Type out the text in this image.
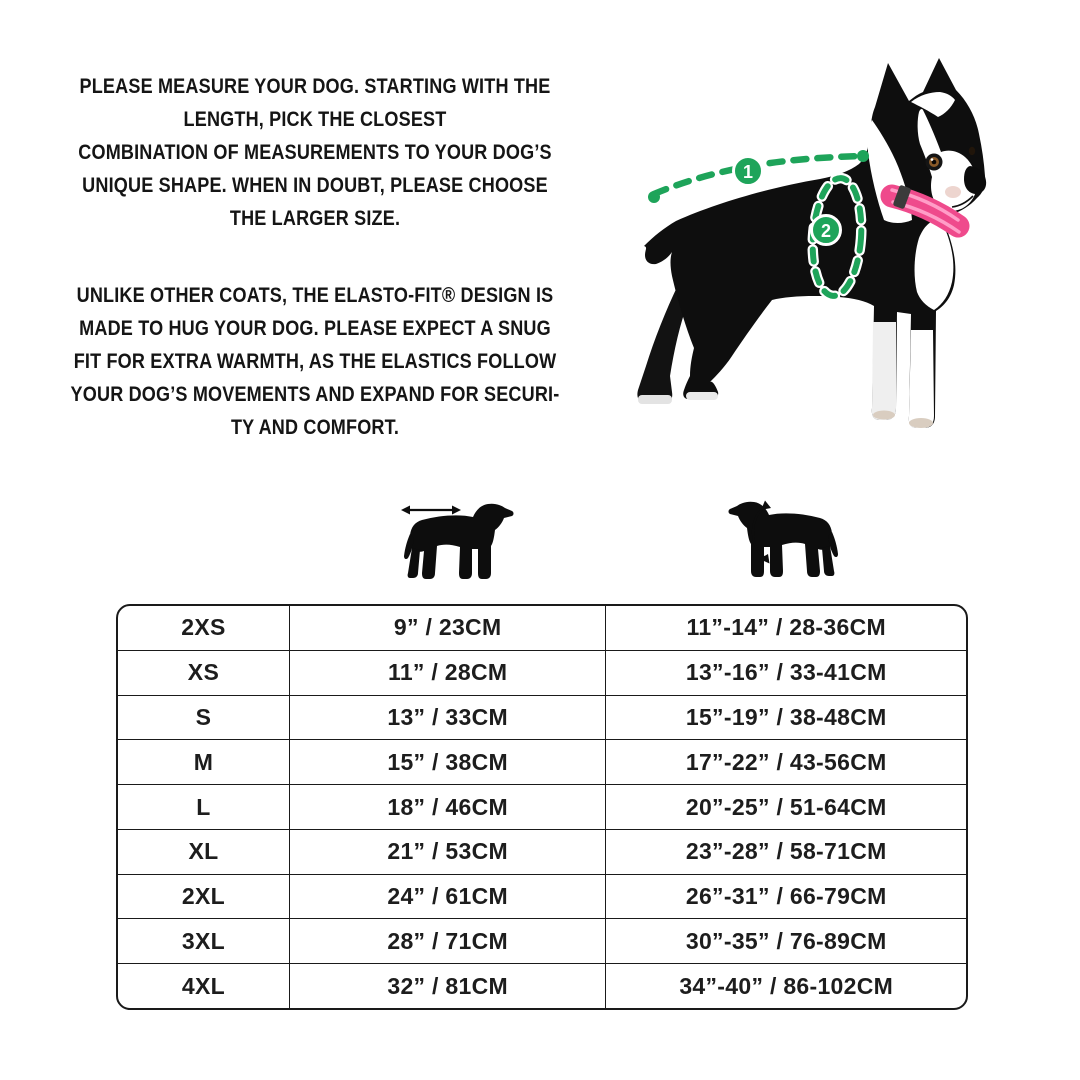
PLEASE MEASURE YOUR DOG. STARTING WITH THE
LENGTH, PICK THE CLOSEST
COMBINATION OF MEASUREMENTS TO YOUR DOG’S
UNIQUE SHAPE. WHEN IN DOUBT, PLEASE CHOOSE
THE LARGER SIZE.
UNLIKE OTHER COATS, THE ELASTO-FIT® DESIGN IS
MADE TO HUG YOUR DOG. PLEASE EXPECT A SNUG
FIT FOR EXTRA WARMTH, AS THE ELASTICS FOLLOW
YOUR DOG’S MOVEMENTS AND EXPAND FOR SECURI-
TY AND COMFORT.
1
2
2XS	9” / 23CM	11”-14” / 28-36CM
XS	11” / 28CM	13”-16” / 33-41CM
S	13” / 33CM	15”-19” / 38-48CM
M	15” / 38CM	17”-22” / 43-56CM
L	18” / 46CM	20”-25” / 51-64CM
XL	21” / 53CM	23”-28” / 58-71CM
2XL	24” / 61CM	26”-31” / 66-79CM
3XL	28” / 71CM	30”-35” / 76-89CM
4XL	32” / 81CM	34”-40” / 86-102CM
